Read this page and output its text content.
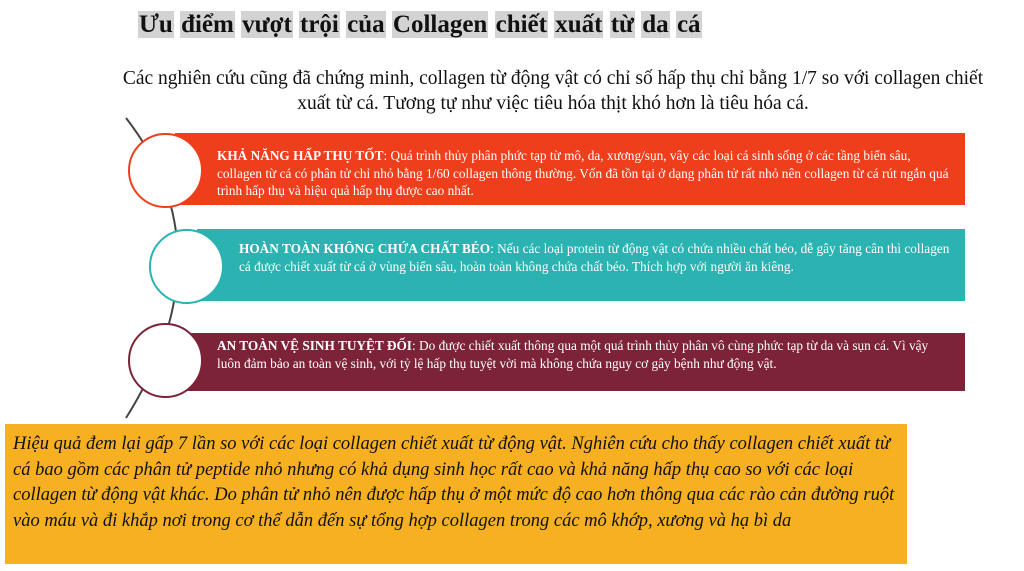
Ưu điểm vượt trội của Collagen chiết xuất từ da cá
Các nghiên cứu cũng đã chứng minh, collagen từ động vật có chỉ số hấp thụ chỉ bằng 1/7 so với collagen chiết xuất từ cá. Tương tự như việc tiêu hóa thịt khó hơn là tiêu hóa cá.
KHẢ NĂNG HẤP THỤ TỐT: Quá trình thủy phân phức tạp từ mô, da, xương/sụn, vây các loại cá sinh sống ở các tầng biển sâu, collagen từ cá có phân tử chỉ nhỏ bằng 1/60 collagen thông thường. Vốn đã tồn tại ở dạng phân tử rất nhỏ nên collagen từ cá rút ngắn quá trình hấp thụ và hiệu quả hấp thụ được cao nhất.
HOÀN TOÀN KHÔNG CHỨA CHẤT BÉO: Nếu các loại protein từ động vật có chứa nhiều chất béo, dễ gây tăng cân thì collagen cá được chiết xuất từ cá ở vùng biển sâu, hoàn toàn không chứa chất béo. Thích hợp với người ăn kiêng.
AN TOÀN VỆ SINH TUYỆT ĐỐI: Do được chiết xuất thông qua một quá trình thủy phân vô cùng phức tạp từ da và sụn cá. Vì vậy luôn đảm bảo an toàn vệ sinh, với tỷ lệ hấp thụ tuyệt vời mà không chứa nguy cơ gây bệnh như động vật.
Hiệu quả đem lại gấp 7 lần so với các loại collagen chiết xuất từ động vật. Nghiên cứu cho thấy collagen chiết xuất từ cá bao gồm các phân tử peptide nhỏ nhưng có khả dụng sinh học rất cao và khả năng hấp thụ cao so với các loại collagen từ động vật khác. Do phân tử nhỏ nên được hấp thụ ở một mức độ cao hơn thông qua các rào cản đường ruột vào máu và đi khắp nơi trong cơ thể dẫn đến sự tổng hợp collagen trong các mô khớp, xương và hạ bì da
